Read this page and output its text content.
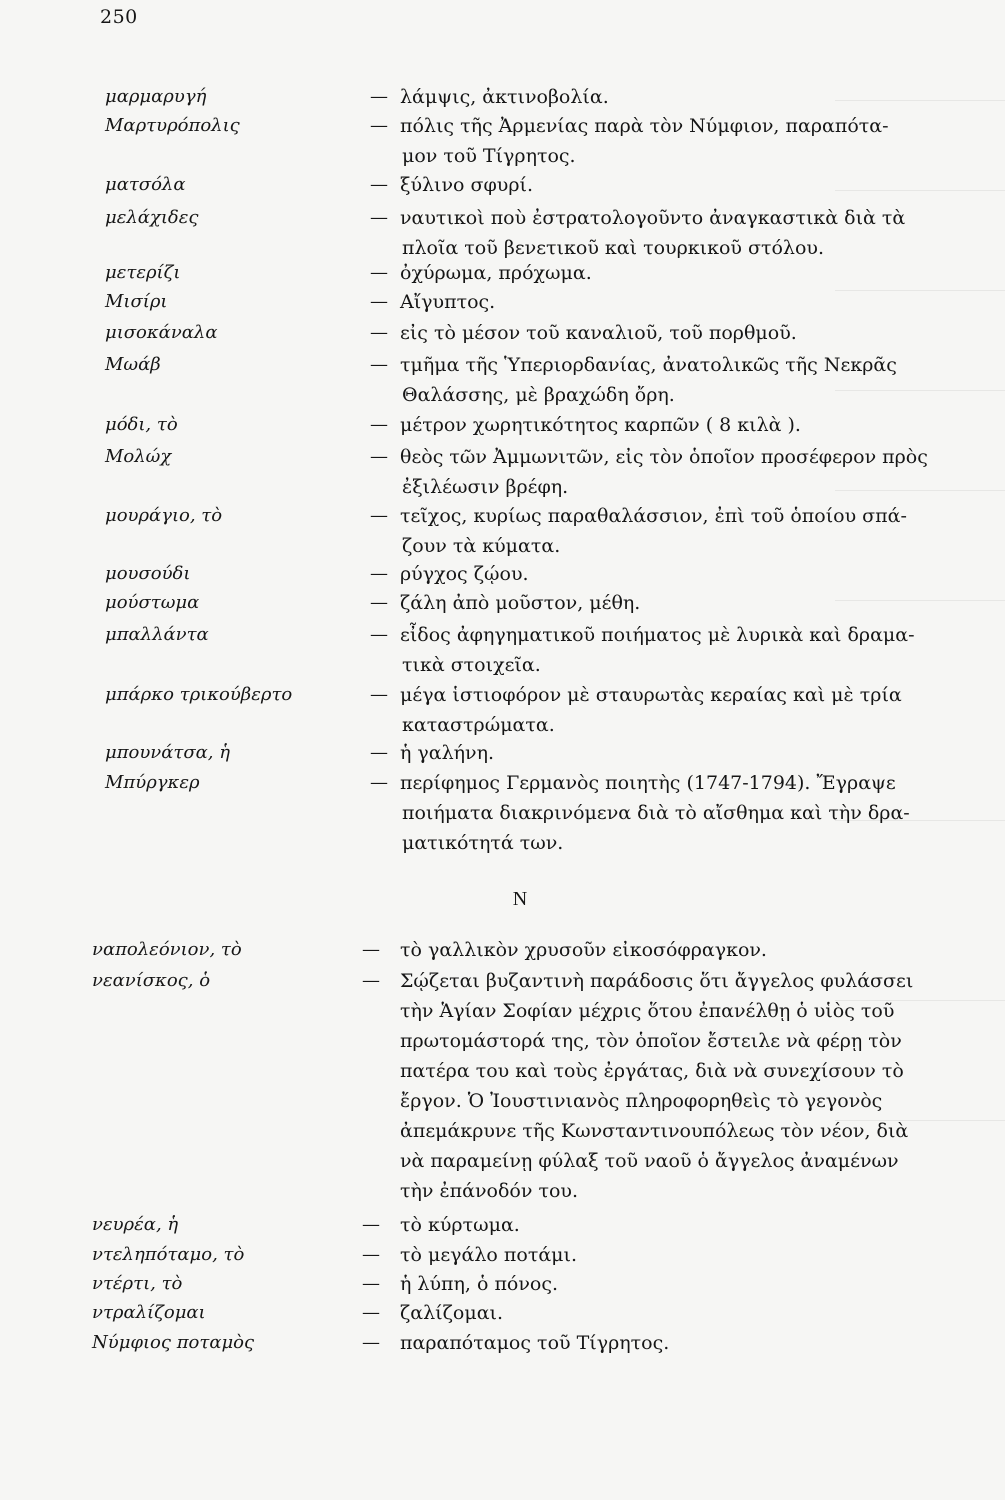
250
μαρμαρυγή	— λάμψις, ἀκτινοβολία.
Μαρτυρόπολις	— πόλις τῆς Ἀρμενίας παρὰ τὸν Νύμφιον, παραπότα-
μον τοῦ Τίγρητος.
ματσόλα	— ξύλινο σφυρί.
μελάχιδες	— ναυτικοὶ ποὺ ἐστρατολογοῦντο ἀναγκαστικὰ διὰ τὰ
πλοῖα τοῦ βενετικοῦ καὶ τουρκικοῦ στόλου.
μετερίζι	— ὀχύρωμα, πρόχωμα.
Μισίρι	— Αἴγυπτος.
μισοκάναλα	— εἰς τὸ μέσον τοῦ καναλιοῦ, τοῦ πορθμοῦ.
Μωάβ	— τμῆμα τῆς Ὑπεριορδανίας, ἀνατολικῶς τῆς Νεκρᾶς
Θαλάσσης, μὲ βραχώδη ὄρη.
μόδι, τὸ	— μέτρον χωρητικότητος καρπῶν ( 8 κιλὰ ).
Μολώχ	— θεὸς τῶν Ἀμμωνιτῶν, εἰς τὸν ὁποῖον προσέφερον πρὸς
ἐξιλέωσιν βρέφη.
μουράγιο, τὸ	— τεῖχος, κυρίως παραθαλάσσιον, ἐπὶ τοῦ ὁποίου σπά-
ζουν τὰ κύματα.
μουσούδι	— ρύγχος ζῴου.
μούστωμα	— ζάλη ἀπὸ μοῦστον, μέθη.
μπαλλάντα	— εἶδος ἀφηγηματικοῦ ποιήματος μὲ λυρικὰ καὶ δραμα-
τικὰ στοιχεῖα.
μπάρκο τρικούβερτο	— μέγα ἱστιοφόρον μὲ σταυρωτὰς κεραίας καὶ μὲ τρία
καταστρώματα.
μπουνάτσα, ἡ	— ἡ γαλήνη.
Μπύργκερ	— περίφημος Γερμανὸς ποιητὴς (1747-1794). Ἔγραψε
ποιήματα διακρινόμενα διὰ τὸ αἴσθημα καὶ τὴν δρα-
ματικότητά των.
Ν
ναπολεόνιον, τὸ	— τὸ γαλλικὸν χρυσοῦν εἰκοσόφραγκον.
νεανίσκος, ὁ	— Σῴζεται βυζαντινὴ παράδοσις ὅτι ἄγγελος φυλάσσει
τὴν Ἁγίαν Σοφίαν μέχρις ὅτου ἐπανέλθῃ ὁ υἱὸς τοῦ
πρωτομάστορά της, τὸν ὁποῖον ἔστειλε νὰ φέρῃ τὸν
πατέρα του καὶ τοὺς ἐργάτας, διὰ νὰ συνεχίσουν τὸ
ἔργον. Ὁ Ἰουστινιανὸς πληροφορηθεὶς τὸ γεγονὸς
ἀπεμάκρυνε τῆς Κωνσταντινουπόλεως τὸν νέον, διὰ
νὰ παραμείνῃ φύλαξ τοῦ ναοῦ ὁ ἄγγελος ἀναμένων
τὴν ἐπάνοδόν του.
νευρέα, ἡ	— τὸ κύρτωμα.
ντεληπόταμο, τὸ	— τὸ μεγάλο ποτάμι.
ντέρτι, τὸ	— ἡ λύπη, ὁ πόνος.
ντραλίζομαι	— ζαλίζομαι.
Νύμφιος ποταμὸς	— παραπόταμος τοῦ Τίγρητος.
